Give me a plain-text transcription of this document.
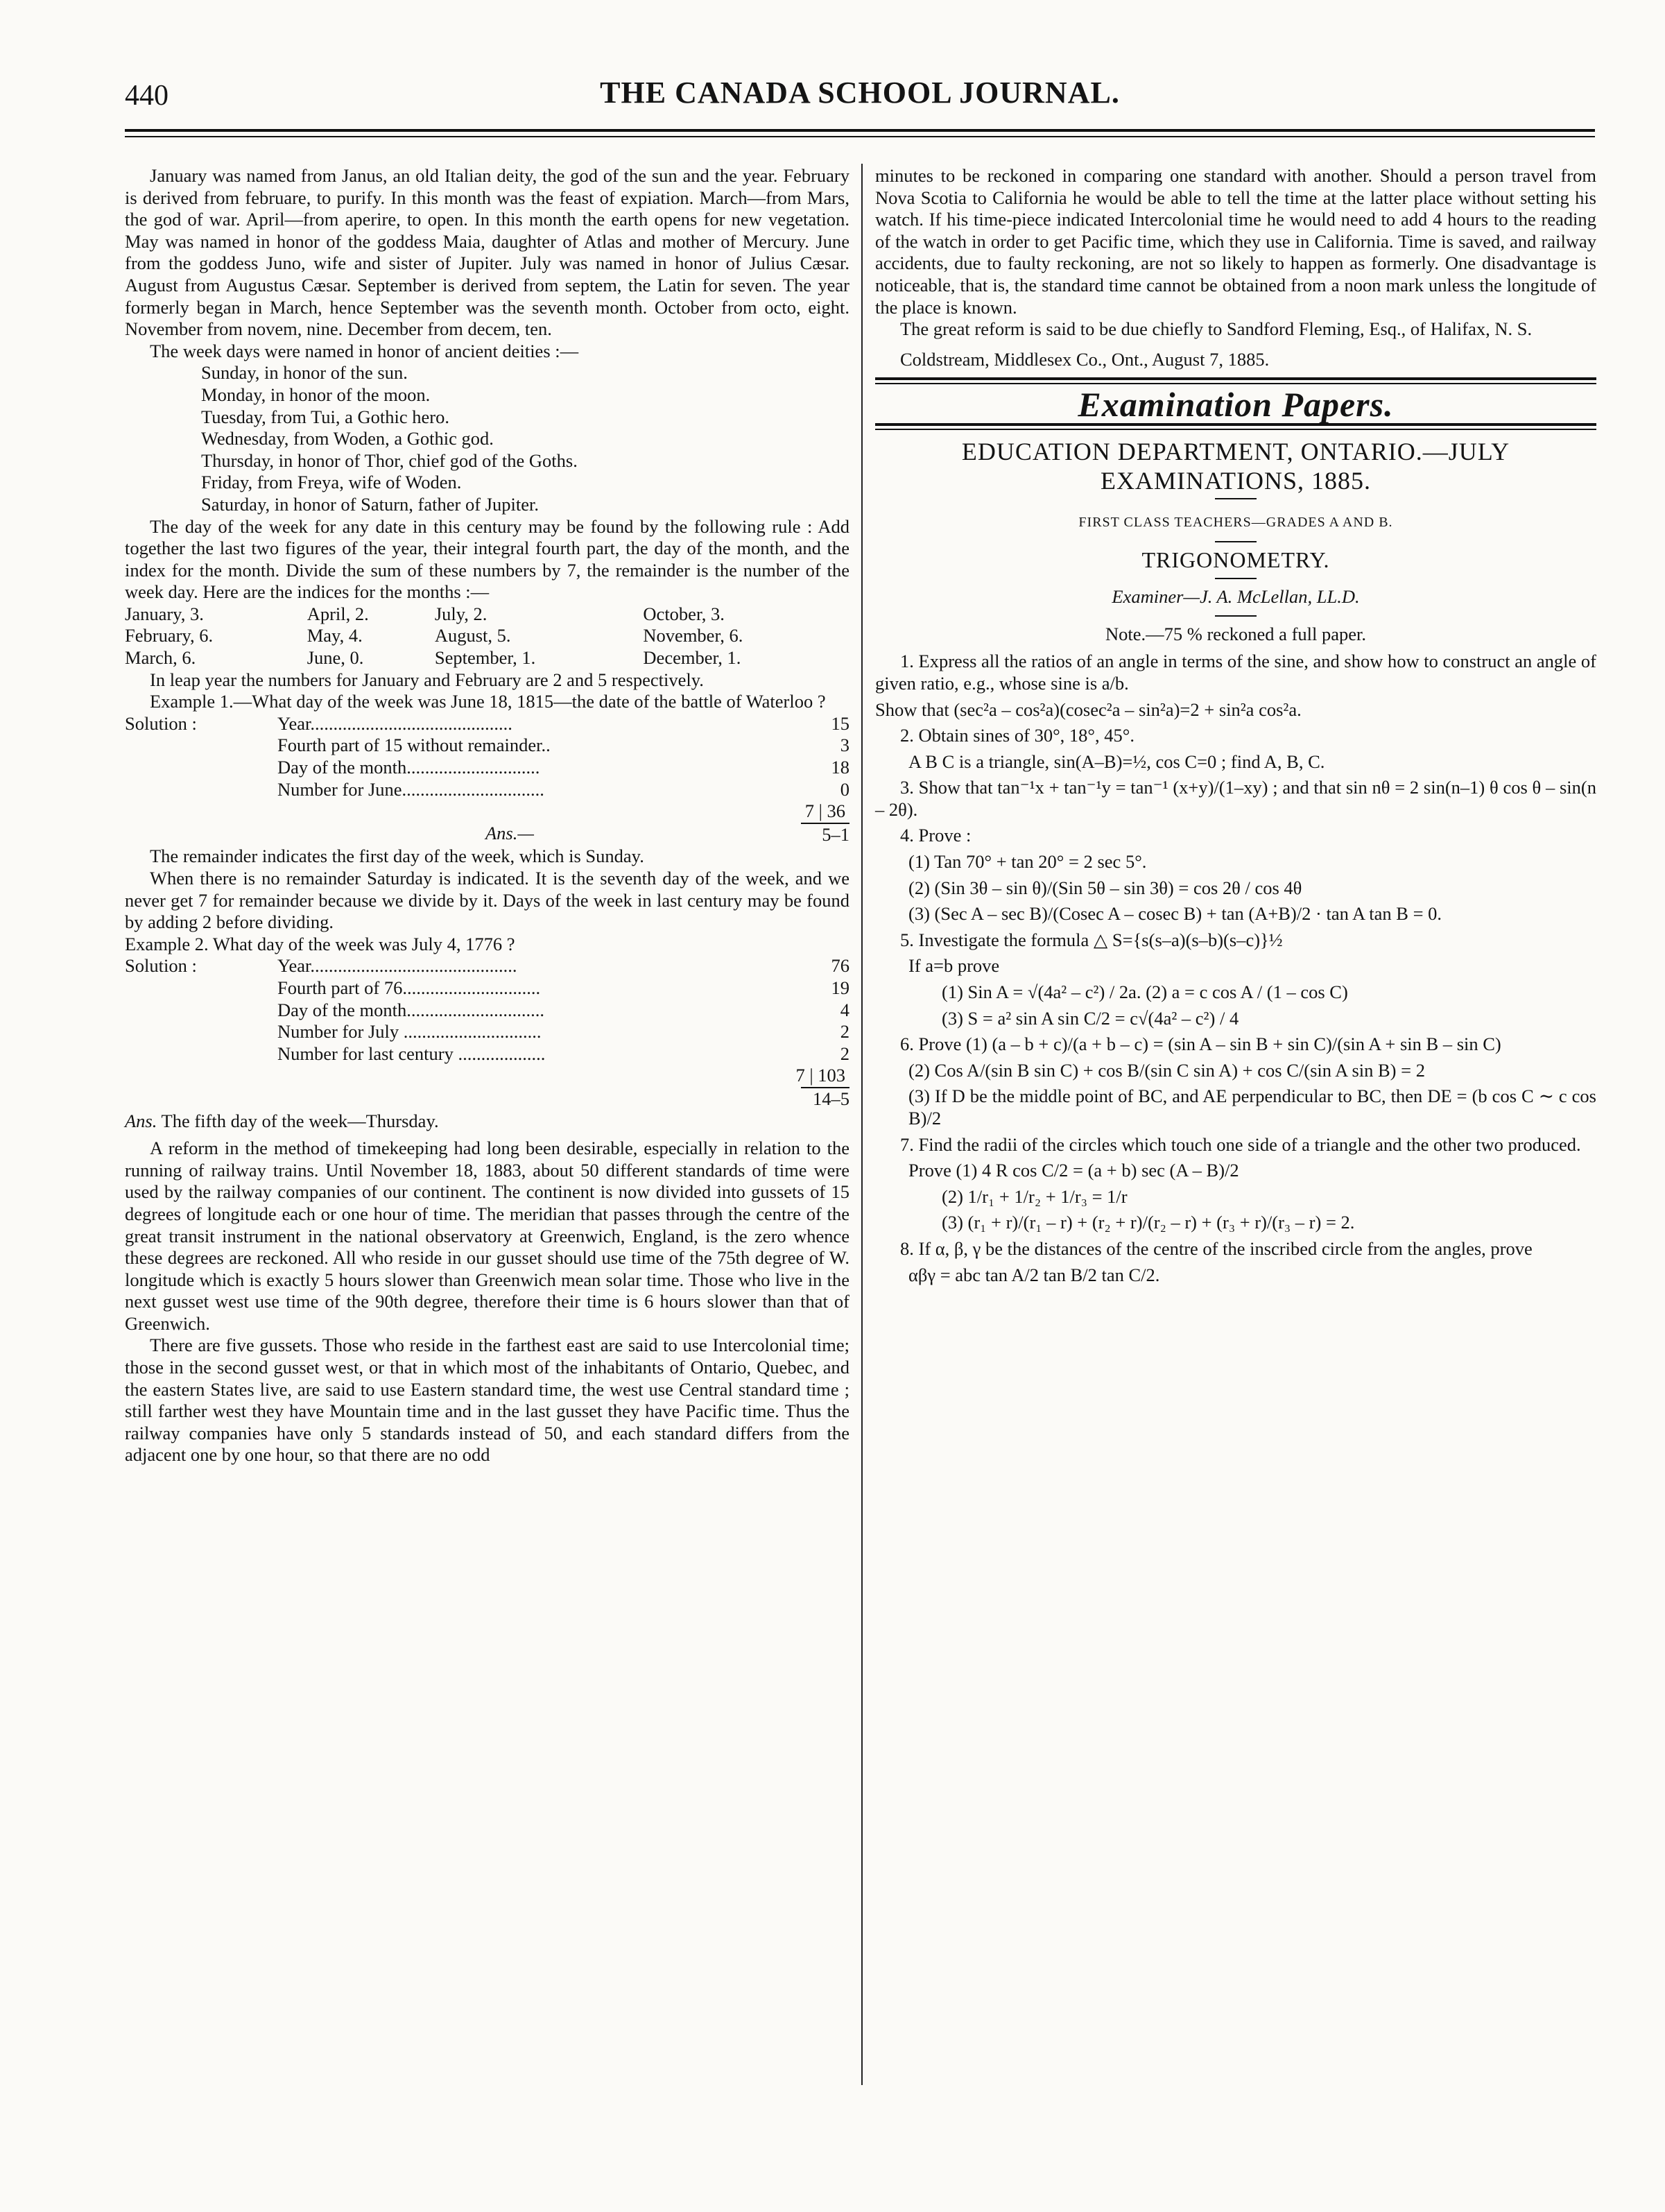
440	THE CANADA SCHOOL JOURNAL.

January was named from Janus, an old Italian deity, the god of the sun and the year. February is derived from februare, to purify. In this month was the feast of expiation. March—from Mars, the god of war. April—from aperire, to open. In this month the earth opens for new vegetation. May was named in honor of the goddess Maia, daughter of Atlas and mother of Mercury. June from the goddess Juno, wife and sister of Jupiter. July was named in honor of Julius Cæsar. August from Augustus Cæsar. September is derived from septem, the Latin for seven. The year formerly began in March, hence September was the seventh month. October from octo, eight. November from novem, nine. December from decem, ten.

The week days were named in honor of ancient deities :—

Sunday, in honor of the sun.
Monday, in honor of the moon.
Tuesday, from Tui, a Gothic hero.
Wednesday, from Woden, a Gothic god.
Thursday, in honor of Thor, chief god of the Goths.
Friday, from Freya, wife of Woden.
Saturday, in honor of Saturn, father of Jupiter.

The day of the week for any date in this century may be found by the following rule : Add together the last two figures of the year, their integral fourth part, the day of the month, and the index for the month. Divide the sum of these numbers by 7, the remainder is the number of the week day. Here are the indices for the months :—

January, 3.	April, 2.	July, 2.	October, 3.
February, 6.	May, 4.	August, 5.	November, 6.
March, 6.	June, 0.	September, 1.	December, 1.

In leap year the numbers for January and February are 2 and 5 respectively.

Example 1.—What day of the week was June 18, 1815—the date of the battle of Waterloo ?

Solution :	Year............................................	15
Fourth part of 15 without remainder..	3
Day of the month.............................	18
Number for June...............................	0
7 | 36
Ans.—	5–1

The remainder indicates the first day of the week, which is Sunday.

When there is no remainder Saturday is indicated. It is the seventh day of the week, and we never get 7 for remainder because we divide by it. Days of the week in last century may be found by adding 2 before dividing.

Example 2. What day of the week was July 4, 1776 ?

Solution :	Year.............................................	76
Fourth part of 76..............................	19
Day of the month..............................	4
Number for July ..............................	2
Number for last century ...................	2
7 | 103
14–5

Ans. The fifth day of the week—Thursday.

A reform in the method of timekeeping had long been desirable, especially in relation to the running of railway trains. Until November 18, 1883, about 50 different standards of time were used by the railway companies of our continent. The continent is now divided into gussets of 15 degrees of longitude each or one hour of time. The meridian that passes through the centre of the great transit instrument in the national observatory at Greenwich, England, is the zero whence these degrees are reckoned. All who reside in our gusset should use time of the 75th degree of W. longitude which is exactly 5 hours slower than Greenwich mean solar time. Those who live in the next gusset west use time of the 90th degree, therefore their time is 6 hours slower than that of Greenwich.

There are five gussets. Those who reside in the farthest east are said to use Intercolonial time; those in the second gusset west, or that in which most of the inhabitants of Ontario, Quebec, and the eastern States live, are said to use Eastern standard time, the west use Central standard time ; still farther west they have Mountain time and in the last gusset they have Pacific time. Thus the railway companies have only 5 standards instead of 50, and each standard differs from the adjacent one by one hour, so that there are no odd

minutes to be reckoned in comparing one standard with another. Should a person travel from Nova Scotia to California he would be able to tell the time at the latter place without setting his watch. If his time-piece indicated Intercolonial time he would need to add 4 hours to the reading of the watch in order to get Pacific time, which they use in California. Time is saved, and railway accidents, due to faulty reckoning, are not so likely to happen as formerly. One disadvantage is noticeable, that is, the standard time cannot be obtained from a noon mark unless the longitude of the place is known.

The great reform is said to be due chiefly to Sandford Fleming, Esq., of Halifax, N. S.

Coldstream, Middlesex Co., Ont., August 7, 1885.
Examination Papers.
EDUCATION DEPARTMENT, ONTARIO.—JULY EXAMINATIONS, 1885.
FIRST CLASS TEACHERS—GRADES A AND B.
TRIGONOMETRY.
Examiner—J. A. McLellan, LL.D.
Note.—75 % reckoned a full paper.

1. Express all the ratios of an angle in terms of the sine, and show how to construct an angle of given ratio, e.g., whose sine is a/b.

Show that (sec²a – cos²a)(cosec²a – sin²a)=2 + sin²a cos²a.

2. Obtain sines of 30°, 18°, 45°.

A B C is a triangle, sin(A–B)=½, cos C=0 ; find A, B, C.

3. Show that tan⁻¹x + tan⁻¹y = tan⁻¹ (x+y)/(1–xy) ; and that sin nθ = 2 sin(n–1) θ cos θ – sin(n – 2θ).

4. Prove :

(1) Tan 70° + tan 20° = 2 sec 5°.

(2) (Sin 3θ – sin θ)/(Sin 5θ – sin 3θ) = cos 2θ / cos 4θ

(3) (Sec A – sec B)/(Cosec A – cosec B) + tan (A+B)/2 · tan A tan B = 0.

5. Investigate the formula △ S={s(s–a)(s–b)(s–c)}½

If a=b prove

(1) Sin A = √(4a² – c²) / 2a. (2) a = c cos A / (1 – cos C)

(3) S = a² sin A sin C/2 = c√(4a² – c²) / 4

6. Prove (1) (a – b + c)/(a + b – c) = (sin A – sin B + sin C)/(sin A + sin B – sin C)

(2) Cos A/(sin B sin C) + cos B/(sin C sin A) + cos C/(sin A sin B) = 2

(3) If D be the middle point of BC, and AE perpendicular to BC, then DE = (b cos C ∼ c cos B)/2

7. Find the radii of the circles which touch one side of a triangle and the other two produced.

Prove (1) 4 R cos C/2 = (a + b) sec (A – B)/2

(2) 1/r₁ + 1/r₂ + 1/r₃ = 1/r

(3) (r₁ + r)/(r₁ – r) + (r₂ + r)/(r₂ – r) + (r₃ + r)/(r₃ – r) = 2.

8. If α, β, γ be the distances of the centre of the inscribed circle from the angles, prove

αβγ = abc tan A/2 tan B/2 tan C/2.
